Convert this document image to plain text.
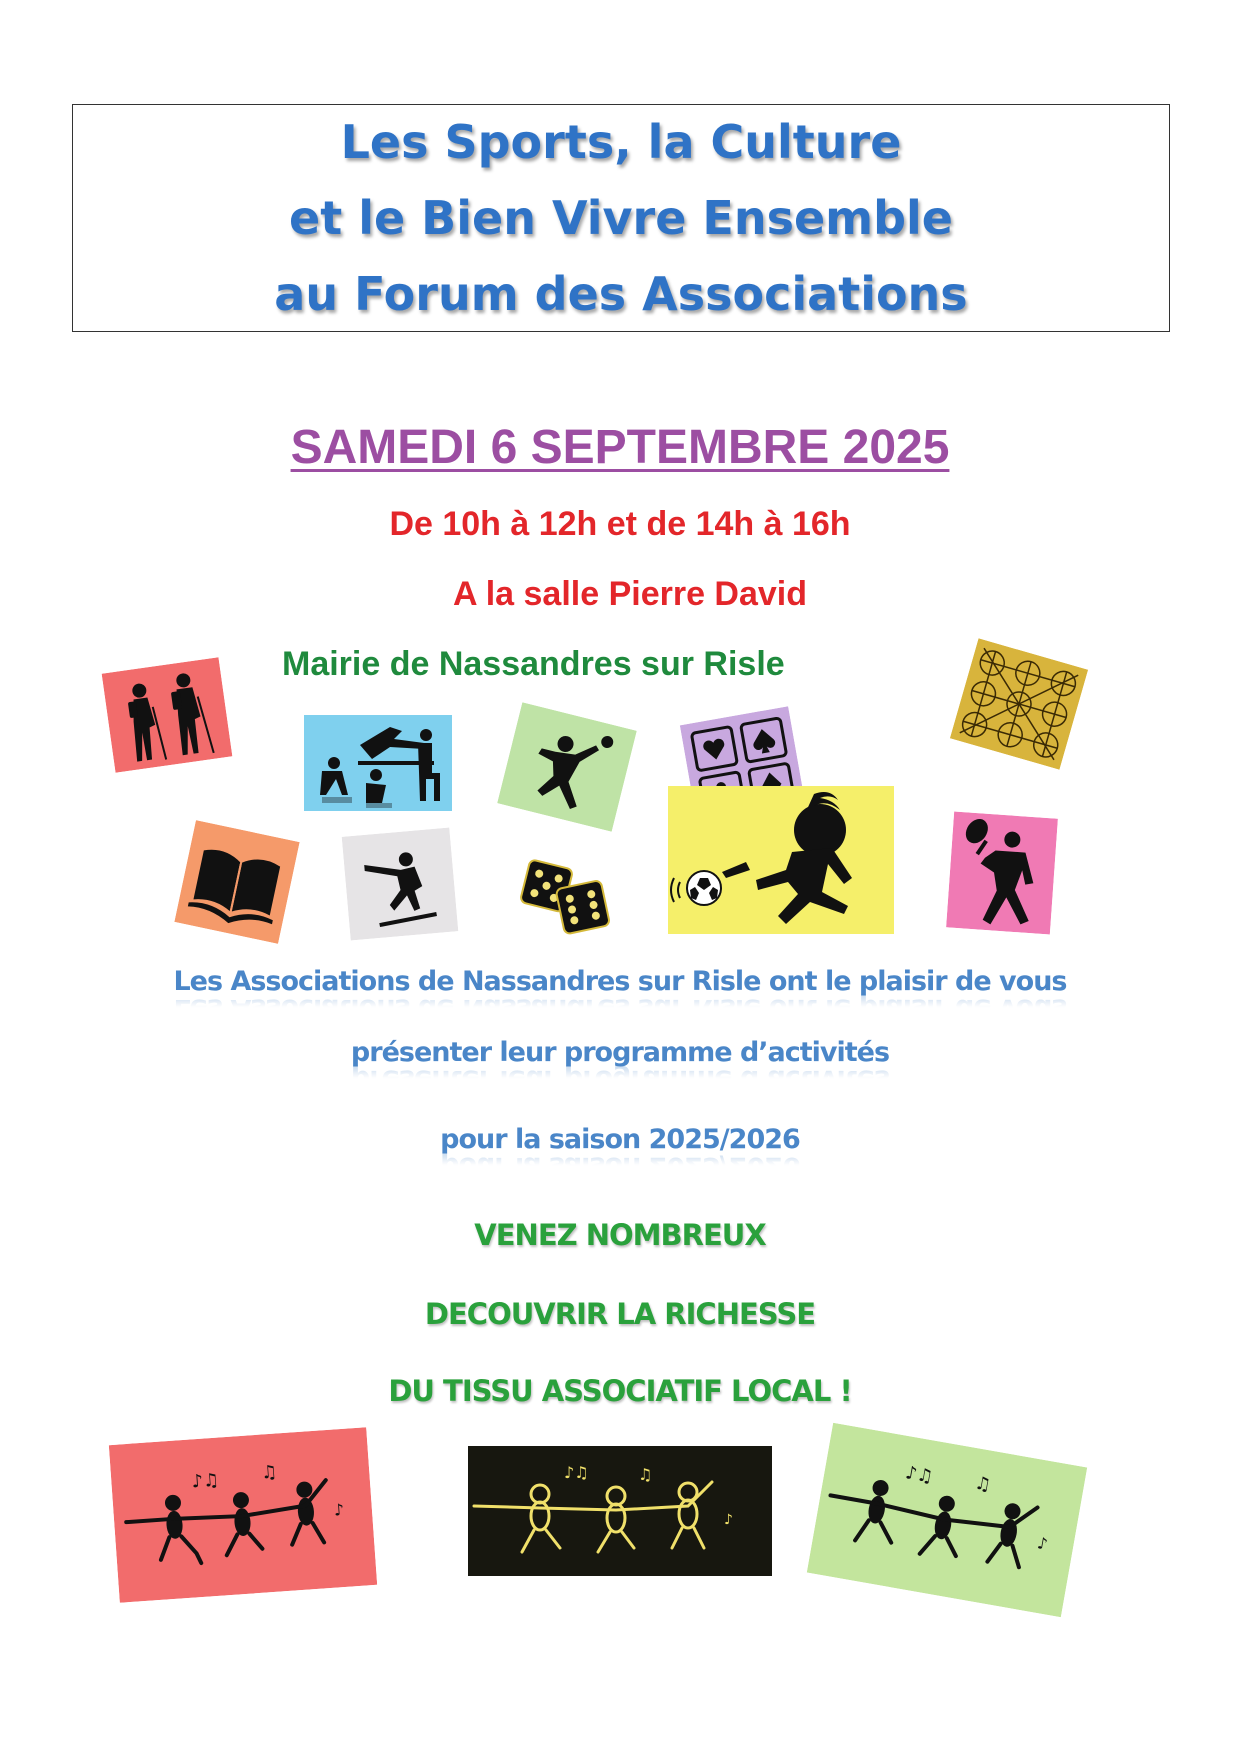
Les Sports, la Culture
et le Bien Vivre Ensemble
au Forum des Associations
SAMEDI 6 SEPTEMBRE 2025
De 10h à 12h et de 14h à 16h
A la salle Pierre David
Mairie de Nassandres sur Risle
Les Associations de Nassandres sur Risle ont le plaisir de vous
présenter leur programme d’activités
pour la saison 2025/2026
VENEZ NOMBREUX
DECOUVRIR LA RICHESSE
DU TISSU ASSOCIATIF LOCAL !
♪♫ ♫
♪
♪♫	♫
♪
♪♫ ♫
♪
